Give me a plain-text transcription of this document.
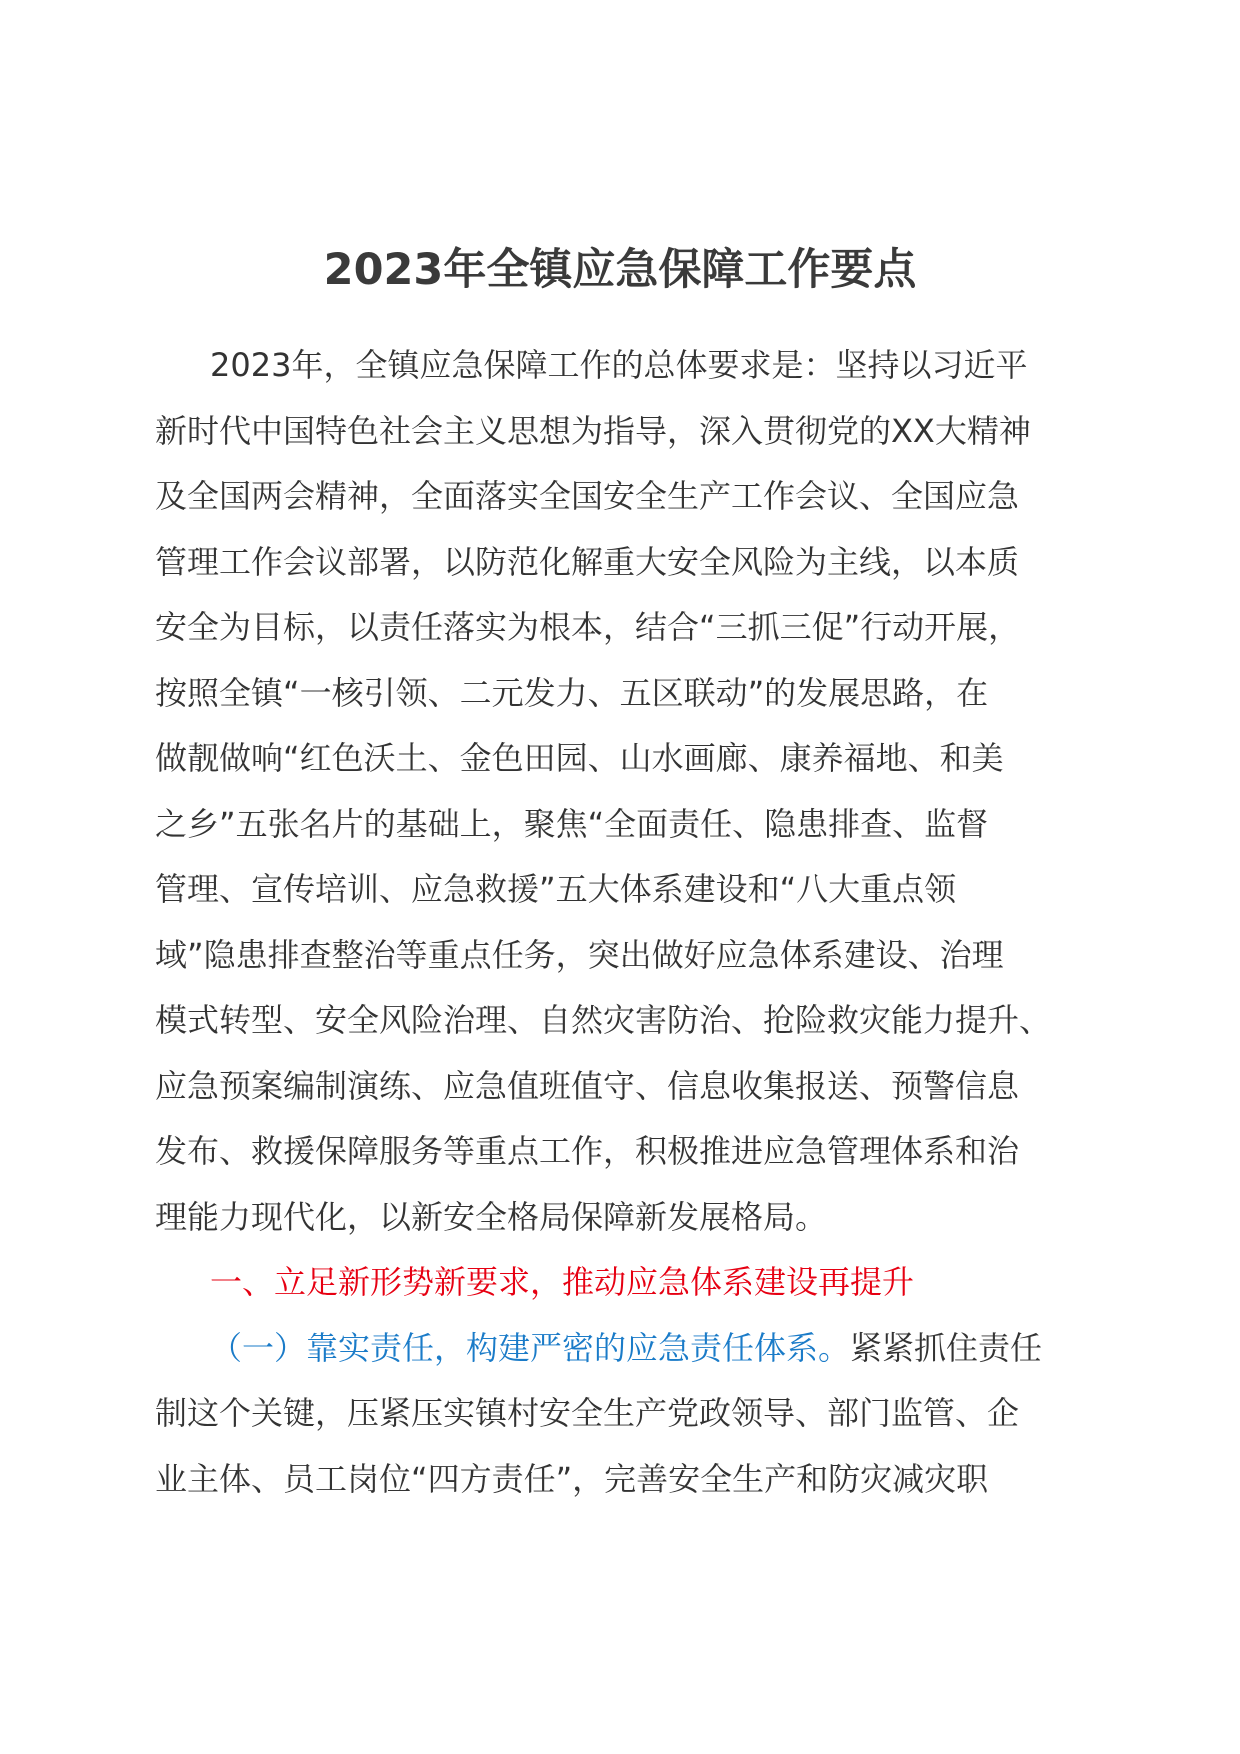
2023年全镇应急保障工作要点
2023年，全镇应急保障工作的总体要求是：坚持以习近平
新时代中国特色社会主义思想为指导，深入贯彻党的XX大精神
及全国两会精神，全面落实全国安全生产工作会议、全国应急
管理工作会议部署，以防范化解重大安全风险为主线，以本质
安全为目标，以责任落实为根本，结合“三抓三促”行动开展，
按照全镇“一核引领、二元发力、五区联动”的发展思路，在
做靓做响“红色沃土、金色田园、山水画廊、康养福地、和美
之乡”五张名片的基础上，聚焦“全面责任、隐患排查、监督
管理、宣传培训、应急救援”五大体系建设和“八大重点领
域”隐患排查整治等重点任务，突出做好应急体系建设、治理
模式转型、安全风险治理、自然灾害防治、抢险救灾能力提升、
应急预案编制演练、应急值班值守、信息收集报送、预警信息
发布、救援保障服务等重点工作，积极推进应急管理体系和治
理能力现代化，以新安全格局保障新发展格局。
一、立足新形势新要求，推动应急体系建设再提升
（一）靠实责任，构建严密的应急责任体系。紧紧抓住责任
制这个关键，压紧压实镇村安全生产党政领导、部门监管、企
业主体、员工岗位“四方责任”，完善安全生产和防灾减灾职
